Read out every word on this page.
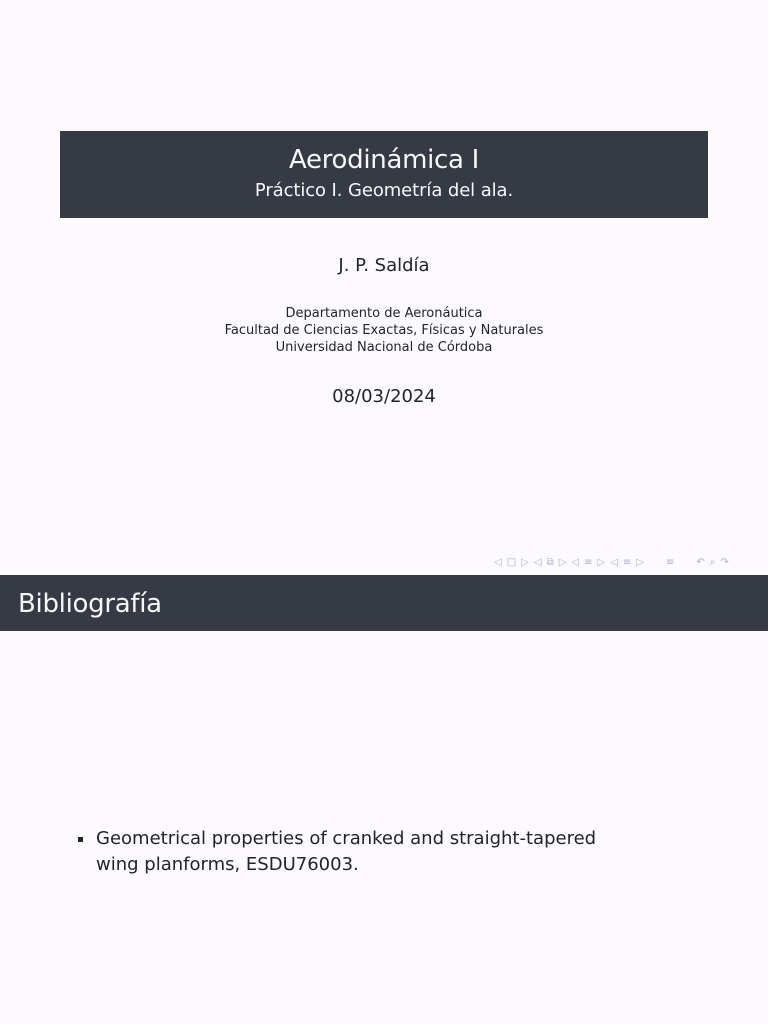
Aerodinámica I
Práctico I. Geometría del ala.
J. P. Saldía
Departamento de Aeronáutica
Facultad de Ciencias Exactas, Físicas y Naturales
Universidad Nacional de Córdoba
08/03/2024
◁ □ ▷ ◁ ⧉ ▷ ◁ ≡ ▷ ◁ ≡ ▷ ≡ ↶ ⌕ ↷
Bibliografía
Geometrical properties of cranked and straight-tapered wing planforms, ESDU76003.
